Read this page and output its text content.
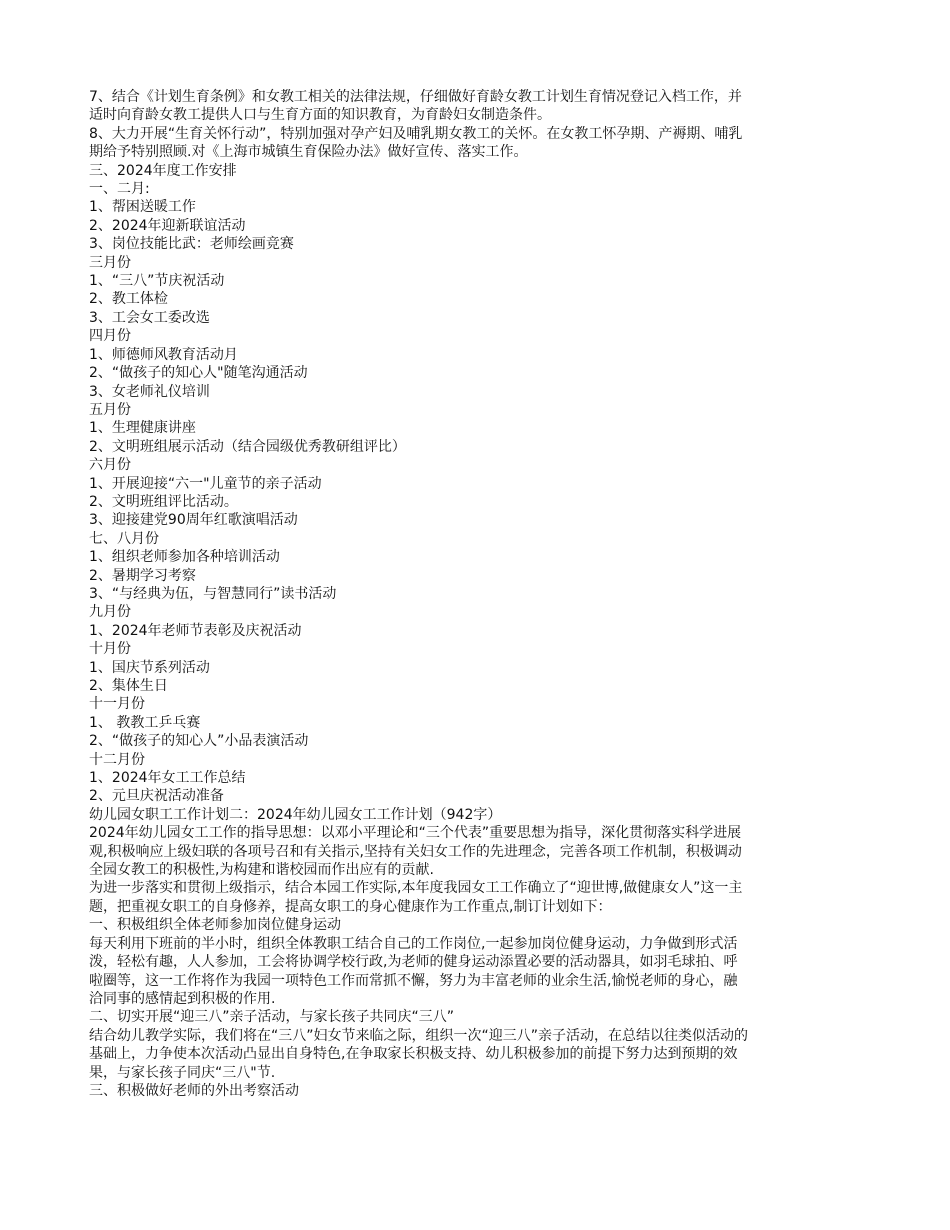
7、结合《计划生育条例》和女教工相关的法律法规，仔细做好育龄女教工计划生育情况登记入档工作，并
适时向育龄女教工提供人口与生育方面的知识教育，为育龄妇女制造条件。
8、大力开展“生育关怀行动”，特别加强对孕产妇及哺乳期女教工的关怀。在女教工怀孕期、产褥期、哺乳
期给予特别照顾.对《上海市城镇生育保险办法》做好宣传、落实工作。
三、2024年度工作安排
一、二月:
1、帮困送暖工作
2、2024年迎新联谊活动
3、岗位技能比武：老师绘画竞赛
三月份
1、“三八”节庆祝活动
2、教工体检
3、工会女工委改选
四月份
1、师德师风教育活动月
2、“做孩子的知心人"随笔沟通活动
3、女老师礼仪培训
五月份
1、生理健康讲座
2、文明班组展示活动（结合园级优秀教研组评比）
六月份
1、开展迎接“六一"儿童节的亲子活动
2、文明班组评比活动。
3、迎接建党90周年红歌演唱活动
七、八月份
1、组织老师参加各种培训活动
2、暑期学习考察
3、“与经典为伍，与智慧同行”读书活动
九月份
1、2024年老师节表彰及庆祝活动
十月份
1、国庆节系列活动
2、集体生日
十一月份
1、 教教工乒乓赛
2、“做孩子的知心人”小品表演活动
十二月份
1、2024年女工工作总结
2、元旦庆祝活动准备
幼儿园女职工工作计划二：2024年幼儿园女工工作计划（942字）
2024年幼儿园女工工作的指导思想：以邓小平理论和“三个代表”重要思想为指导，深化贯彻落实科学进展
观,积极响应上级妇联的各项号召和有关指示,坚持有关妇女工作的先进理念，完善各项工作机制，积极调动
全园女教工的积极性,为构建和谐校园而作出应有的贡献.
为进一步落实和贯彻上级指示，结合本园工作实际,本年度我园女工工作确立了“迎世博,做健康女人”这一主
题，把重视女职工的自身修养，提高女职工的身心健康作为工作重点,制订计划如下：
一、积极组织全体老师参加岗位健身运动
每天利用下班前的半小时，组织全体教职工结合自己的工作岗位,一起参加岗位健身运动，力争做到形式活
泼，轻松有趣，人人参加，工会将协调学校行政,为老师的健身运动添置必要的活动器具，如羽毛球拍、呼
啦圈等，这一工作将作为我园一项特色工作而常抓不懈，努力为丰富老师的业余生活,愉悦老师的身心，融
洽同事的感情起到积极的作用.
二、切实开展“迎三八”亲子活动，与家长孩子共同庆“三八”
结合幼儿教学实际，我们将在“三八”妇女节来临之际，组织一次“迎三八”亲子活动，在总结以往类似活动的
基础上，力争使本次活动凸显出自身特色,在争取家长积极支持、幼儿积极参加的前提下努力达到预期的效
果，与家长孩子同庆“三八"节.
三、积极做好老师的外出考察活动
